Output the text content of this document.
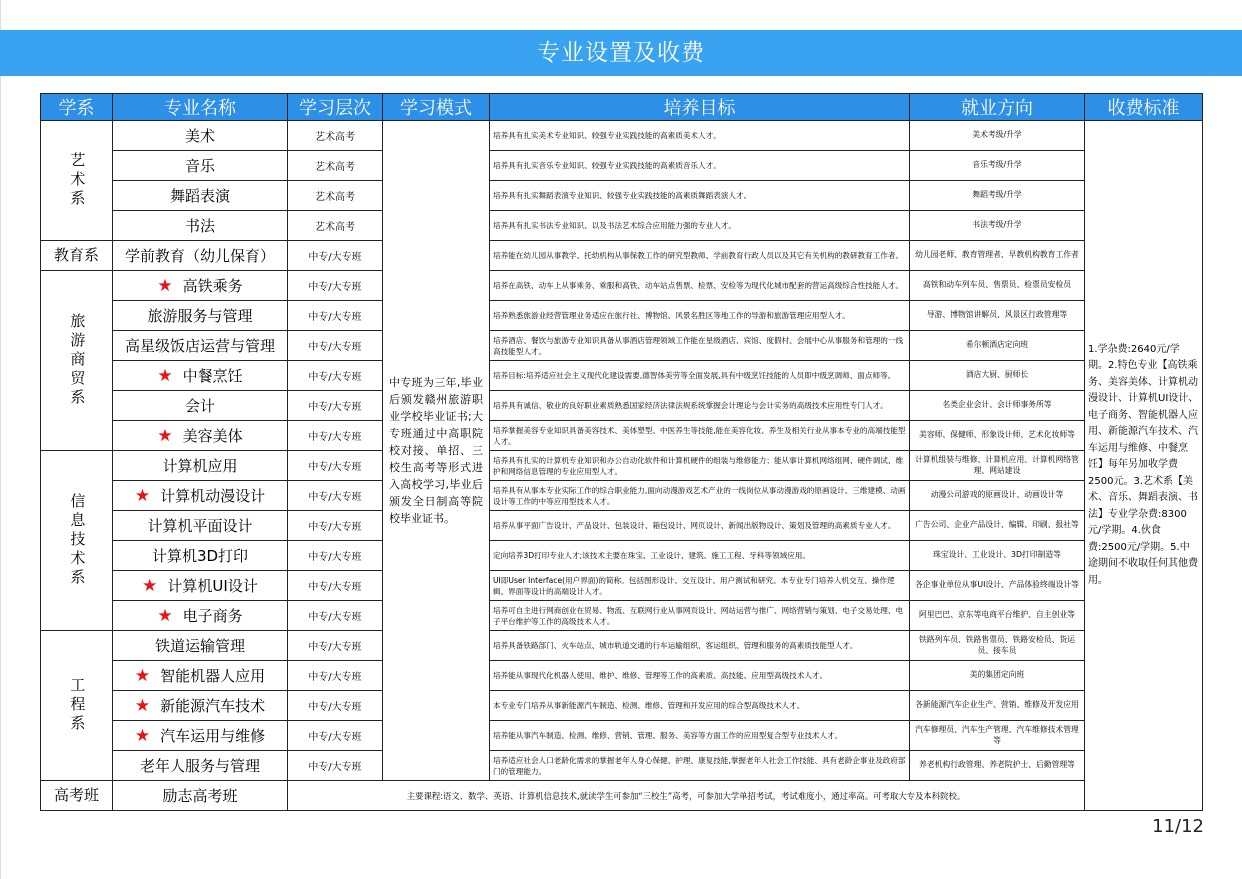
专业设置及收费
学系	专业名称	学习层次	学习模式	培养目标	就业方向	收费标准
艺术系	美术	艺术高考	中专班为三年,毕业后颁发赣州旅游职业学校毕业证书;大专班通过中高职院校对接、单招、三校生高考等形式进入高校学习,毕业后颁发全日制高等院校毕业证书。	培养具有扎实美术专业知识、较强专业实践技能的高素质美术人才。	美术考级/升学	1.学杂费:2640元/学期。2.特色专业【高铁乘务、美容美体、计算机动漫设计、计算机UI设计、电子商务、智能机器人应用、新能源汽车技术、汽车运用与维修、中餐烹饪】每年另加收学费2500元。3.艺术系【美术、音乐、舞蹈表演、书法】专业学杂费:8300元/学期。4.伙食费:2500元/学期。5.中途期间不收取任何其他费用。
	音乐	艺术高考		培养具有扎实音乐专业知识、较强专业实践技能的高素质音乐人才。	音乐考级/升学	
	舞蹈表演	艺术高考		培养具有扎实舞蹈表演专业知识、较强专业实践技能的高素质舞蹈表演人才。	舞蹈考级/升学	
	书法	艺术高考		培养具有扎实书法专业知识、以及书法艺术综合应用能力强的专业人才。	书法考级/升学	
教育系	学前教育（幼儿保育）	中专/大专班		培养能在幼儿园从事教学、托幼机构从事保教工作的研究型教师、学前教育行政人员以及其它有关机构的教研教育工作者。	幼儿园老师、教育管理者、早教机构教育工作者	
旅游商贸系	★ 高铁乘务	中专/大专班		培养在高铁、动车上从事乘务、乘服和高铁、动车站点售票、检票、安检等为现代化城市配套的营运高级综合性技能人才。	高铁和动车列车员、售票员、检票员安检员	
	旅游服务与管理	中专/大专班		培养熟悉旅游业经营管理业务适应在旅行社、博物馆、风景名胜区等地工作的导游和旅游管理应用型人才。	导游、博物馆讲解员、风景区行政管理等	
	高星级饭店运营与管理	中专/大专班		培养酒店、餐饮与旅游专业知识具备从事酒店管理领域工作能在星级酒店、宾馆、度假村、会展中心从事服务和管理的一线高技能型人才。	希尔顿酒店定向班	
	★ 中餐烹饪	中专/大专班		培养目标:培养适应社会主义现代化建设需要,德智体美劳等全面发展,具有中级烹饪技能的人员即中级烹调师、面点师等。	酒店大厨、厨师长	
	会计	中专/大专班		培养具有诚信、敬业的良好职业素质熟悉国家经济法律法规系统掌握会计理论与会计实务的高级技术应用性专门人才。	名类企业会计、会计师事务所等	
	★ 美容美体	中专/大专班		培养掌握美容专业知识具备美容技术、美体塑型、中医养生等技能,能在美容化妆、养生及相关行业从事本专业的高端技能型人才。	美容师、保健师、形象设计师、艺术化妆师等	
信息技术系	计算机应用	中专/大专班		培养具有扎实的计算机专业知识和办公自动化软件和计算机硬件的组装与维修能力；能从事计算机网络组网、硬件调试、维护和网络信息管理的专业应用型人才。	计算机组装与维修、计算机应用、计算机网络管理、网站建设	
	★ 计算机动漫设计	中专/大专班		培养具有从事本专业实际工作的综合职业能力,面向动漫游戏艺术产业的一线岗位从事动漫游戏的原画设计、三维建模、动画设计等工作的中等应用型技术人才。	动漫公司游戏的原画设计、动画设计等	
	计算机平面设计	中专/大专班		培养从事平面广告设计、产品设计、包装设计、箱包设计、网页设计、新闻出版物设计、策划及管理的高素质专业人才。	广告公司、企业产品设计、编辑、印刷、报社等	
	计算机3D打印	中专/大专班		定向培养3D打印专业人才;该技术主要在珠宝、工业设计、建筑、施工工程、牙科等领域应用。	珠宝设计、工业设计、3D打印制造等	
	★ 计算机UI设计	中专/大专班		UI即User Interface(用户界面)的简称。包括图形设计、交互设计、用户测试和研究。本专业专门培养人机交互、操作逻辑、界面等设计的高端设计人才。	各企事业单位从事UI设计、产品体验终端设计等	
	★ 电子商务	中专/大专班		培养可自主进行网商创业在贸易、物流、互联网行业从事网页设计、网站运营与推广、网络营销与策划、电子交易处理、电子平台维护等工作的高级技术人才。	阿里巴巴、京东等电商平台维护、自主创业等	
工程系	铁道运输管理	中专/大专班		培养具备铁路部门、火车站点、城市轨道交通的行车运输组织、客运组织、管理和服务的高素质技能型人才。	铁路列车员、铁路售票员、铁路安检员、货运员、接车员	
	★ 智能机器人应用	中专/大专班		培养能从事现代化机器人使用、维护、维修、管理等工作的高素质、高技能、应用型高级技术人才。	美的集团定向班	
	★ 新能源汽车技术	中专/大专班		本专业专门培养从事新能源汽车制造、检测、维修、管理和开发应用的综合型高级技术人才。	各新能源汽车企业生产、营销、维修及开发应用	
	★ 汽车运用与维修	中专/大专班		培养能从事汽车制造、检测、维修、营销、管理、服务、美容等方面工作的应用型复合型专业技术人才。	汽车修理员、汽车生产管理、汽车维修技术管理等	
	老年人服务与管理	中专/大专班		培养适应社会人口老龄化需求的掌握老年人身心保健、护理、康复技能,掌握老年人社会工作技能、具有老龄企事业及政府部门的管理能力。	养老机构行政管理、养老院护士、后勤管理等	
高考班	励志高考班	主要课程:语文、数学、英语、计算机信息技术,就读学生可参加“三校生”高考，可参加大学单招考试，考试难度小，通过率高。可考取大专及本科院校。				
11/12
